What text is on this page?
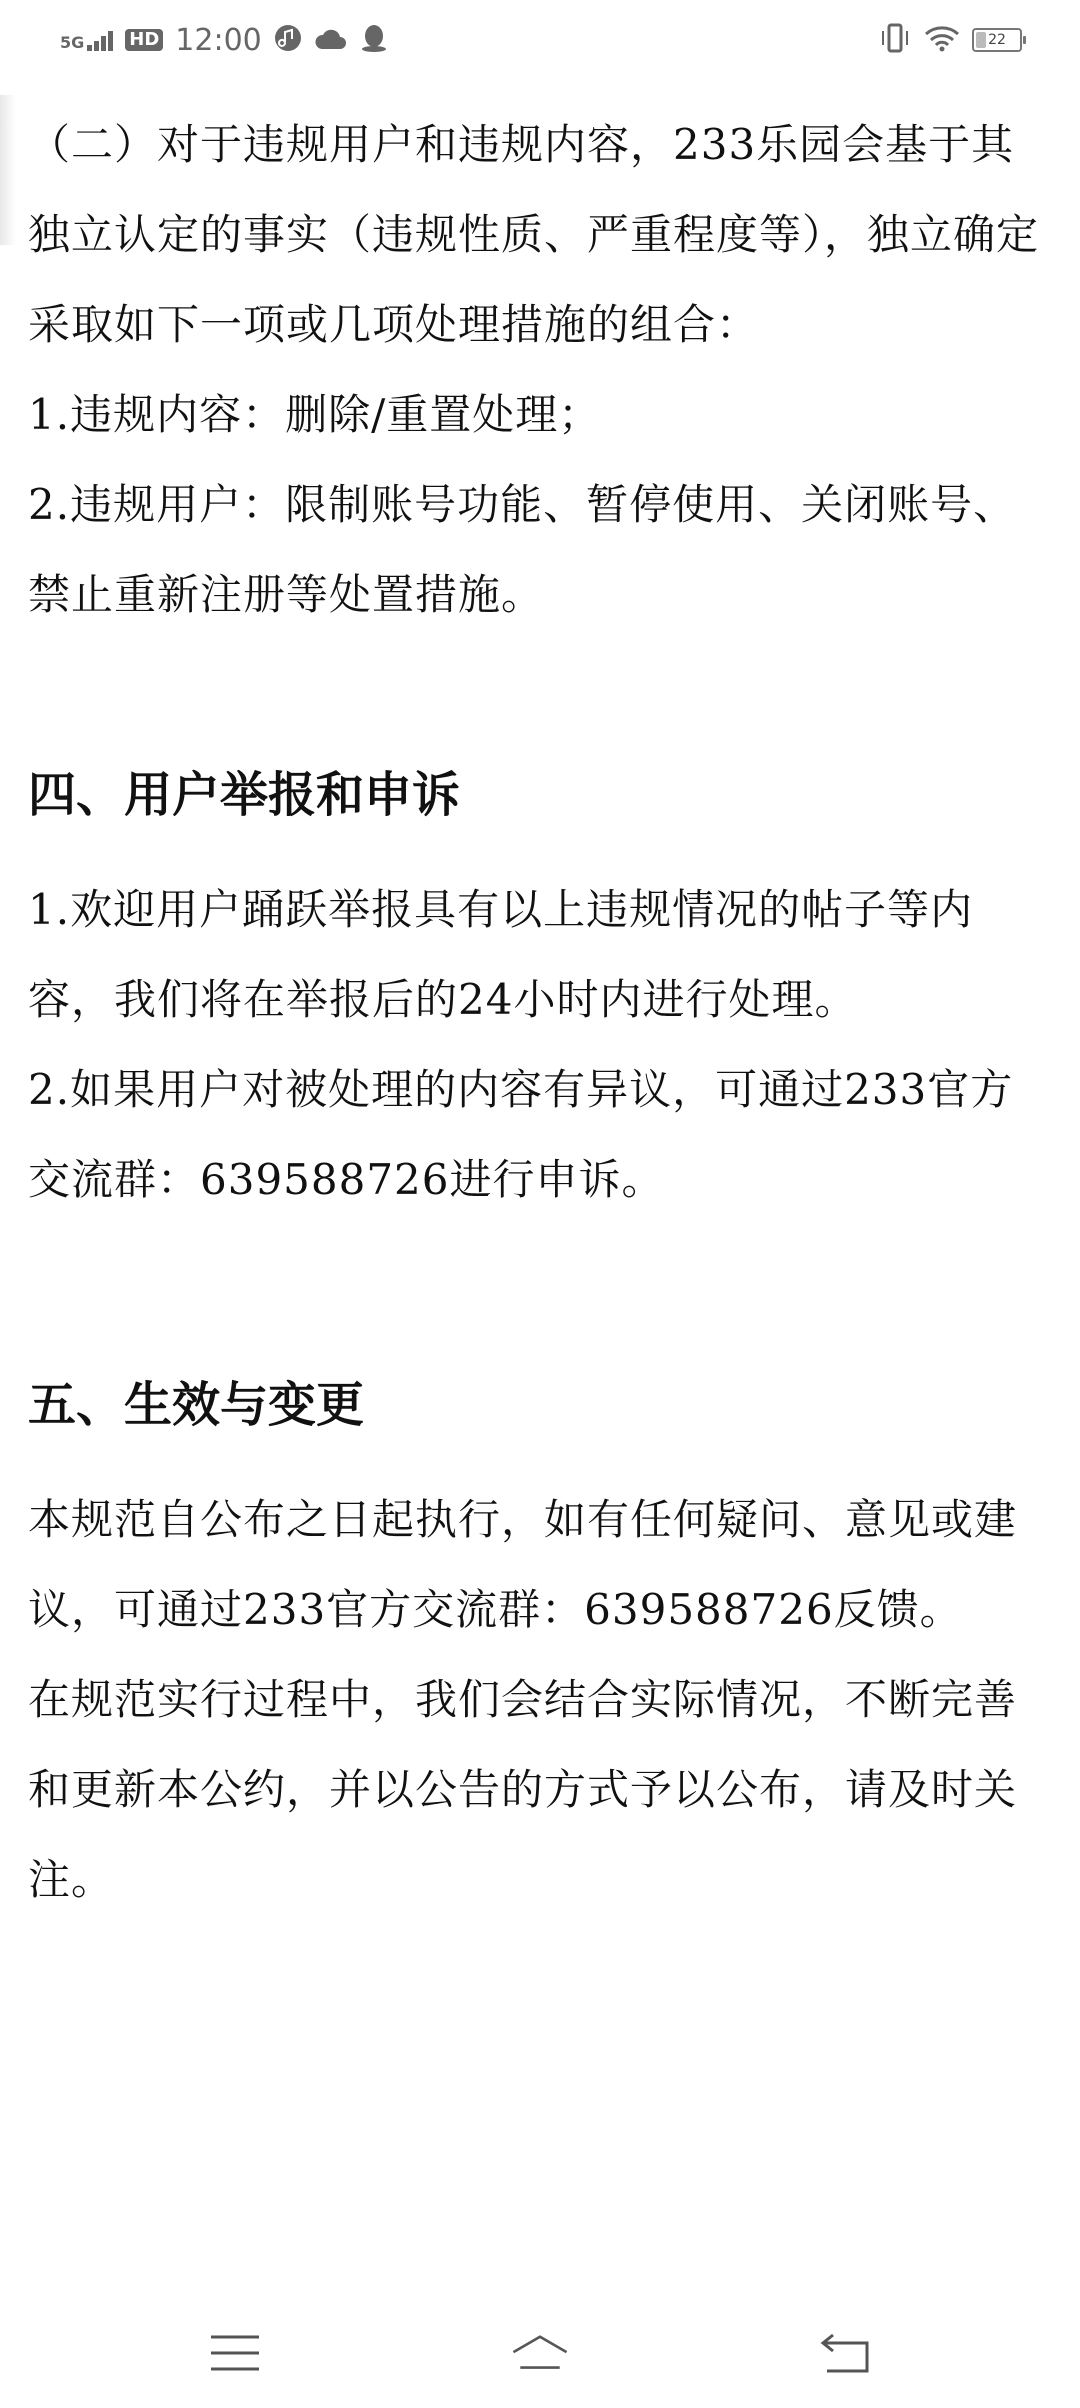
5G	HD 12:00	22

（二）对于违规用户和违规内容，233乐园会基于其独立认定的事实（违规性质、严重程度等），独立确定采取如下一项或几项处理措施的组合：

1.违规内容：删除/重置处理；

2.违规用户：限制账号功能、暂停使用、关闭账号、禁止重新注册等处置措施。

四、用户举报和申诉

1.欢迎用户踊跃举报具有以上违规情况的帖子等内容，我们将在举报后的24小时内进行处理。

2.如果用户对被处理的内容有异议，可通过233官方交流群：639588726进行申诉。

五、生效与变更

本规范自公布之日起执行，如有任何疑问、意见或建议，可通过233官方交流群：639588726反馈。

在规范实行过程中，我们会结合实际情况，不断完善和更新本公约，并以公告的方式予以公布，请及时关注。
